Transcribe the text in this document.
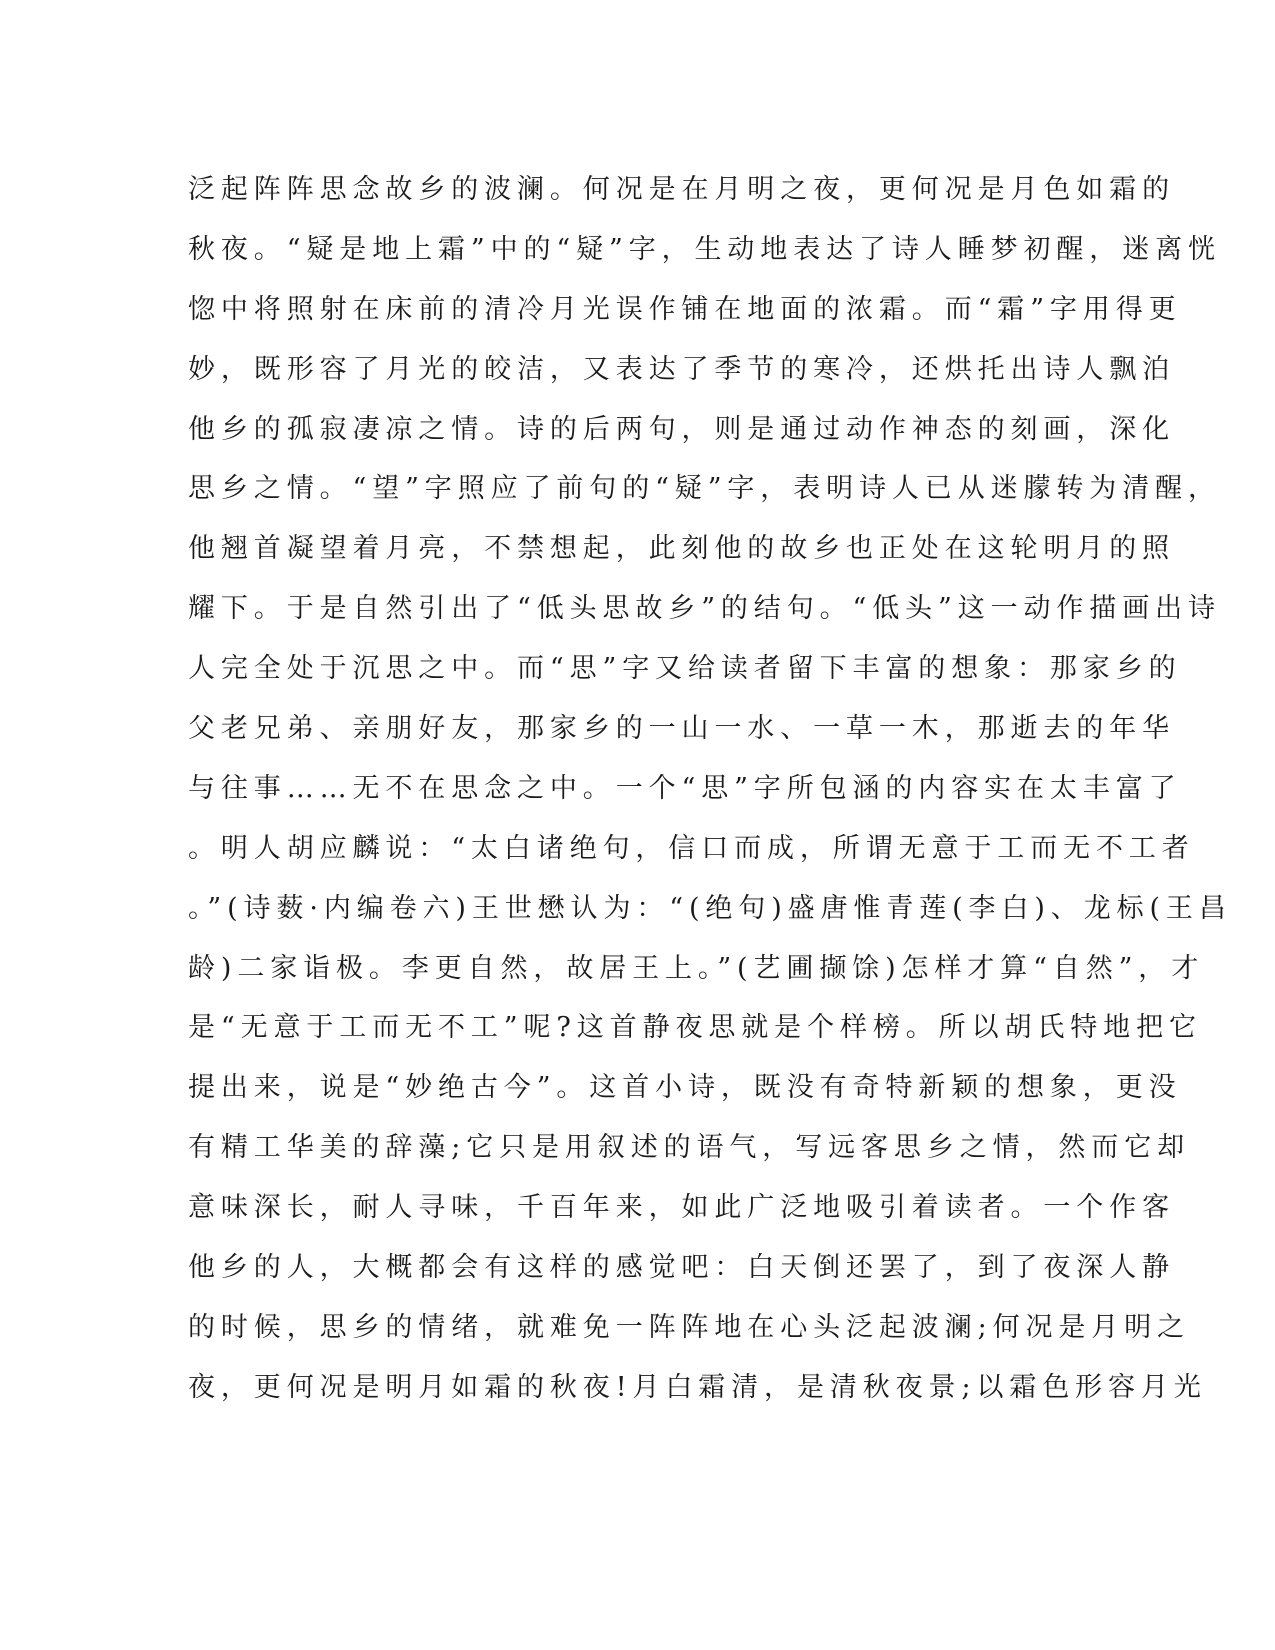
泛起阵阵思念故乡的波澜。何况是在月明之夜，更何况是月色如霜的
秋夜。“疑是地上霜”中的“疑”字，生动地表达了诗人睡梦初醒，迷离恍
惚中将照射在床前的清冷月光误作铺在地面的浓霜。而“霜”字用得更
妙，既形容了月光的皎洁，又表达了季节的寒冷，还烘托出诗人飘泊
他乡的孤寂凄凉之情。诗的后两句，则是通过动作神态的刻画，深化
思乡之情。“望”字照应了前句的“疑”字，表明诗人已从迷朦转为清醒，
他翘首凝望着月亮，不禁想起，此刻他的故乡也正处在这轮明月的照
耀下。于是自然引出了“低头思故乡”的结句。“低头”这一动作描画出诗
人完全处于沉思之中。而“思”字又给读者留下丰富的想象：那家乡的
父老兄弟、亲朋好友，那家乡的一山一水、一草一木，那逝去的年华
与往事……无不在思念之中。一个“思”字所包涵的内容实在太丰富了
。明人胡应麟说：“太白诸绝句，信口而成，所谓无意于工而无不工者
。”(诗薮·内编卷六)王世懋认为：“(绝句)盛唐惟青莲(李白)、龙标(王昌
龄)二家诣极。李更自然，故居王上。”(艺圃撷馀)怎样才算“自然”，才
是“无意于工而无不工”呢?这首静夜思就是个样榜。所以胡氏特地把它
提出来，说是“妙绝古今”。这首小诗，既没有奇特新颖的想象，更没
有精工华美的辞藻;它只是用叙述的语气，写远客思乡之情，然而它却
意味深长，耐人寻味，千百年来，如此广泛地吸引着读者。一个作客
他乡的人，大概都会有这样的感觉吧：白天倒还罢了，到了夜深人静
的时候，思乡的情绪，就难免一阵阵地在心头泛起波澜;何况是月明之
夜，更何况是明月如霜的秋夜!月白霜清，是清秋夜景;以霜色形容月光
